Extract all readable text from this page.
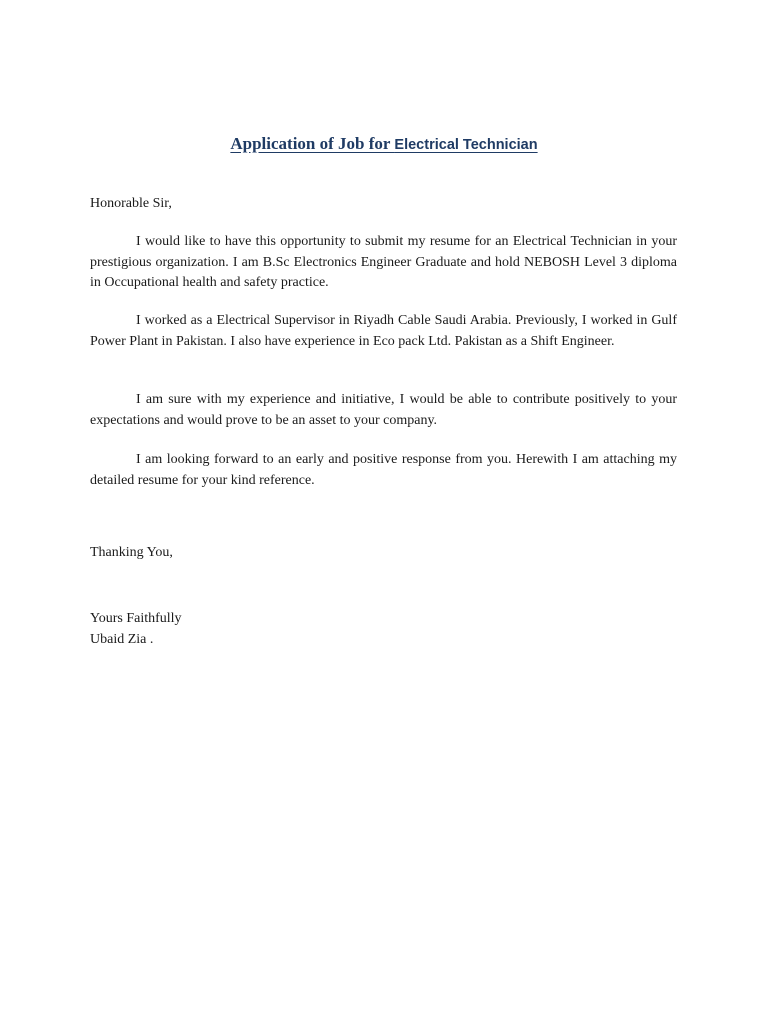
Application of Job for Electrical Technician

Honorable Sir,

I would like to have this opportunity to submit my resume for an Electrical Technician in your prestigious organization. I am B.Sc Electronics Engineer Graduate and hold NEBOSH Level 3 diploma in Occupational health and safety practice.

I worked as a Electrical Supervisor in Riyadh Cable Saudi Arabia. Previously, I worked in Gulf Power Plant in Pakistan. I also have experience in Eco pack Ltd. Pakistan as a Shift Engineer.

I am sure with my experience and initiative, I would be able to contribute positively to your expectations and would prove to be an asset to your company.

I am looking forward to an early and positive response from you. Herewith I am attaching my detailed resume for your kind reference.

Thanking You,

Yours Faithfully

Ubaid Zia .
